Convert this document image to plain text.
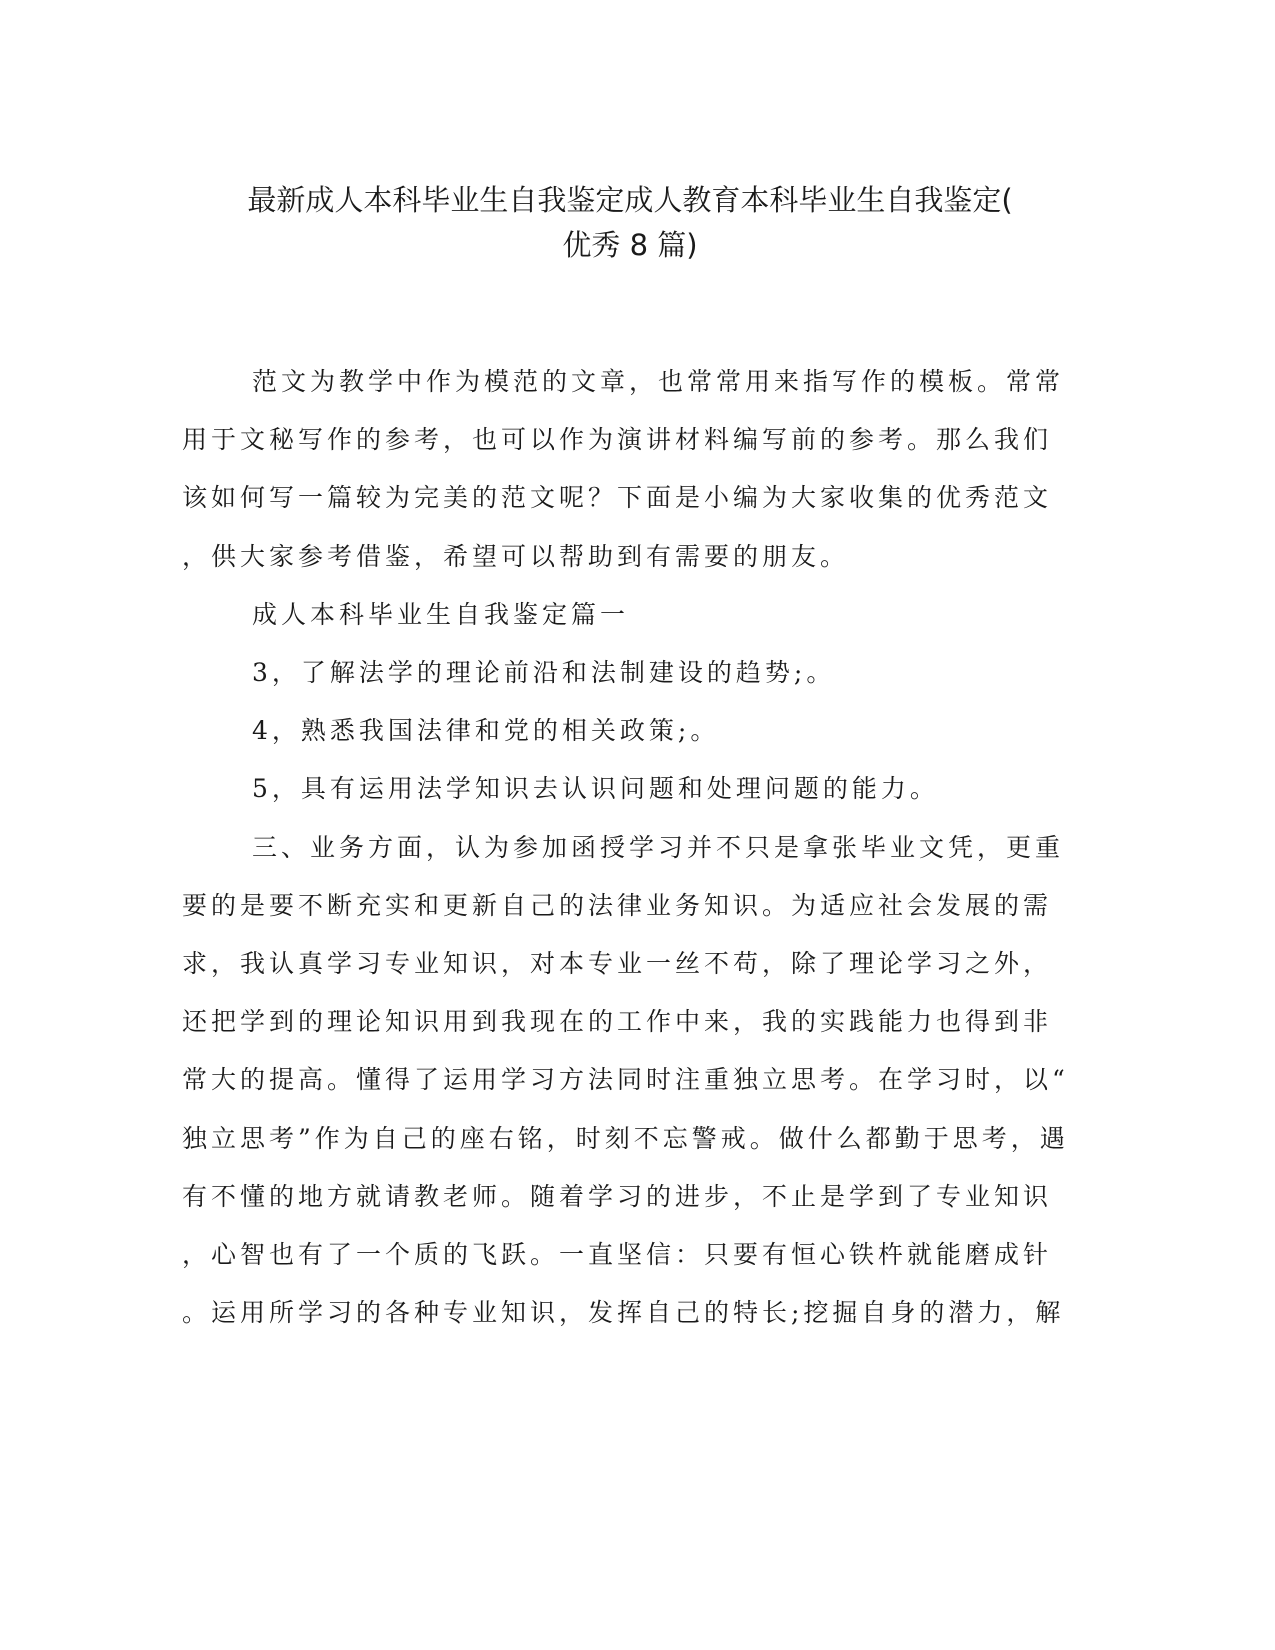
最新成人本科毕业生自我鉴定成人教育本科毕业生自我鉴定(
优秀 8 篇)
范文为教学中作为模范的文章，也常常用来指写作的模板。常常
用于文秘写作的参考，也可以作为演讲材料编写前的参考。那么我们
该如何写一篇较为完美的范文呢？下面是小编为大家收集的优秀范文
，供大家参考借鉴，希望可以帮助到有需要的朋友。
成人本科毕业生自我鉴定篇一
3，了解法学的理论前沿和法制建设的趋势;。
4，熟悉我国法律和党的相关政策;。
5，具有运用法学知识去认识问题和处理问题的能力。
三、业务方面，认为参加函授学习并不只是拿张毕业文凭，更重
要的是要不断充实和更新自己的法律业务知识。为适应社会发展的需
求，我认真学习专业知识，对本专业一丝不苟，除了理论学习之外，
还把学到的理论知识用到我现在的工作中来，我的实践能力也得到非
常大的提高。懂得了运用学习方法同时注重独立思考。在学习时，以“
独立思考”作为自己的座右铭，时刻不忘警戒。做什么都勤于思考，遇
有不懂的地方就请教老师。随着学习的进步，不止是学到了专业知识
，心智也有了一个质的飞跃。一直坚信：只要有恒心铁杵就能磨成针
。运用所学习的各种专业知识，发挥自己的特长;挖掘自身的潜力，解
